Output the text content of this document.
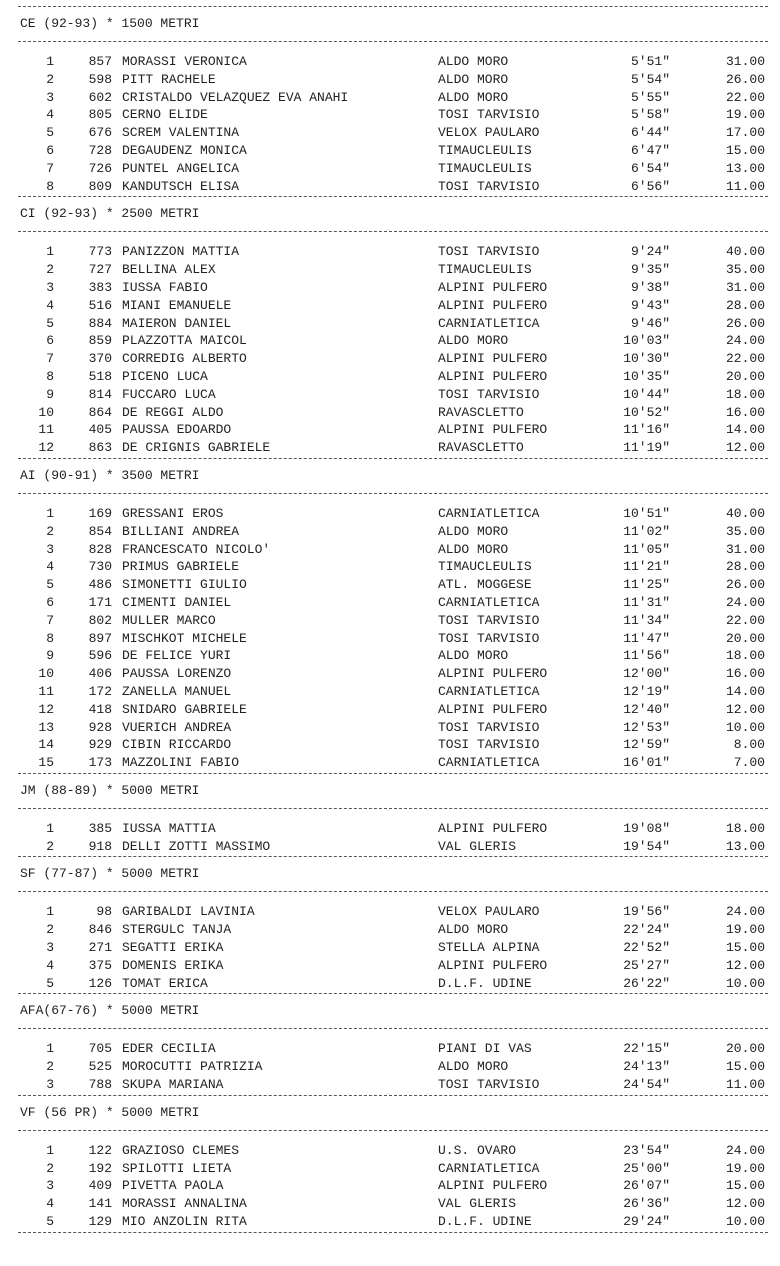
CE (92-93) * 1500 METRI
1	857 MORASSI VERONICA	ALDO MORO	5'51"	31.00
2	598 PITT RACHELE	ALDO MORO	5'54"	26.00
3	602 CRISTALDO VELAZQUEZ EVA ANAHI	ALDO MORO	5'55"	22.00
4	805 CERNO ELIDE	TOSI TARVISIO	5'58"	19.00
5	676 SCREM VALENTINA	VELOX PAULARO	6'44"	17.00
6	728 DEGAUDENZ MONICA	TIMAUCLEULIS	6'47"	15.00
7	726 PUNTEL ANGELICA	TIMAUCLEULIS	6'54"	13.00
8	809 KANDUTSCH ELISA	TOSI TARVISIO	6'56"	11.00
CI (92-93) * 2500 METRI
1	773 PANIZZON MATTIA	TOSI TARVISIO	9'24"	40.00
2	727 BELLINA ALEX	TIMAUCLEULIS	9'35"	35.00
3	383 IUSSA FABIO	ALPINI PULFERO	9'38"	31.00
4	516 MIANI EMANUELE	ALPINI PULFERO	9'43"	28.00
5	884 MAIERON DANIEL	CARNIATLETICA	9'46"	26.00
6	859 PLAZZOTTA MAICOL	ALDO MORO	10'03"	24.00
7	370 CORREDIG ALBERTO	ALPINI PULFERO	10'30"	22.00
8	518 PICENO LUCA	ALPINI PULFERO	10'35"	20.00
9	814 FUCCARO LUCA	TOSI TARVISIO	10'44"	18.00
10	864 DE REGGI ALDO	RAVASCLETTO	10'52"	16.00
11	405 PAUSSA EDOARDO	ALPINI PULFERO	11'16"	14.00
12	863 DE CRIGNIS GABRIELE	RAVASCLETTO	11'19"	12.00
AI (90-91) * 3500 METRI
1	169 GRESSANI EROS	CARNIATLETICA	10'51"	40.00
2	854 BILLIANI ANDREA	ALDO MORO	11'02"	35.00
3	828 FRANCESCATO NICOLO'	ALDO MORO	11'05"	31.00
4	730 PRIMUS GABRIELE	TIMAUCLEULIS	11'21"	28.00
5	486 SIMONETTI GIULIO	ATL. MOGGESE	11'25"	26.00
6	171 CIMENTI DANIEL	CARNIATLETICA	11'31"	24.00
7	802 MULLER MARCO	TOSI TARVISIO	11'34"	22.00
8	897 MISCHKOT MICHELE	TOSI TARVISIO	11'47"	20.00
9	596 DE FELICE YURI	ALDO MORO	11'56"	18.00
10	406 PAUSSA LORENZO	ALPINI PULFERO	12'00"	16.00
11	172 ZANELLA MANUEL	CARNIATLETICA	12'19"	14.00
12	418 SNIDARO GABRIELE	ALPINI PULFERO	12'40"	12.00
13	928 VUERICH ANDREA	TOSI TARVISIO	12'53"	10.00
14	929 CIBIN RICCARDO	TOSI TARVISIO	12'59"	8.00
15	173 MAZZOLINI FABIO	CARNIATLETICA	16'01"	7.00
JM (88-89) * 5000 METRI
1	385 IUSSA MATTIA	ALPINI PULFERO	19'08"	18.00
2	918 DELLI ZOTTI MASSIMO	VAL GLERIS	19'54"	13.00
SF (77-87) * 5000 METRI
1	98 GARIBALDI LAVINIA	VELOX PAULARO	19'56"	24.00
2	846 STERGULC TANJA	ALDO MORO	22'24"	19.00
3	271 SEGATTI ERIKA	STELLA ALPINA	22'52"	15.00
4	375 DOMENIS ERIKA	ALPINI PULFERO	25'27"	12.00
5	126 TOMAT ERICA	D.L.F. UDINE	26'22"	10.00
AFA(67-76) * 5000 METRI
1	705 EDER CECILIA	PIANI DI VAS	22'15"	20.00
2	525 MOROCUTTI PATRIZIA	ALDO MORO	24'13"	15.00
3	788 SKUPA MARIANA	TOSI TARVISIO	24'54"	11.00
VF (56 PR) * 5000 METRI
1	122 GRAZIOSO CLEMES	U.S. OVARO	23'54"	24.00
2	192 SPILOTTI LIETA	CARNIATLETICA	25'00"	19.00
3	409 PIVETTA PAOLA	ALPINI PULFERO	26'07"	15.00
4	141 MORASSI ANNALINA	VAL GLERIS	26'36"	12.00
5	129 MIO ANZOLIN RITA	D.L.F. UDINE	29'24"	10.00
